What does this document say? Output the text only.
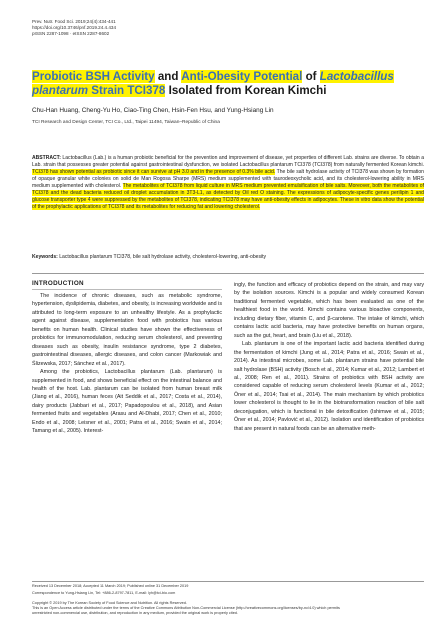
Prev. Nutr. Food Sci. 2019;24(4):434-441
https://doi.org/10.3746/pnf.2019.24.4.434
pISSN 2287-1098 · eISSN 2287-8602
Probiotic BSH Activity and Anti-Obesity Potential of Lactobacillus plantarum Strain TCI378 Isolated from Korean Kimchi
Chu-Han Huang, Cheng-Yu Ho, Ciao-Ting Chen, Hsin-Fen Hsu, and Yung-Hsiang Lin
TCI Research and Design Center, TCI Co., Ltd., Taipei 11494, Taiwan–Republic of China
ABSTRACT: Lactobacillus (Lab.) is a human probiotic beneficial for the prevention and improvement of disease, yet properties of different Lab. strains are diverse. To obtain a Lab. strain that possesses greater potential against gastrointestinal dysfunction, we isolated Lactobacillus plantarum TCI378 (TCI378) from naturally fermented Korean kimchi. TCI378 has shown potential as probiotic since it can survive at pH 3.0 and in the presence of 0.3% bile acid. The bile salt hydrolase activity of TCI378 was shown by formation of opaque granular white colonies on solid de Man Rogosa Sharpe (MRS) medium supplemented with taurodeoxycholic acid, and its cholesterol-lowering ability in MRS medium supplemented with cholesterol. The metabolites of TCI378 from liquid culture in MRS medium prevented emulsification of bile salts. Moreover, both the metabolites of TCI378 and the dead bacteria reduced oil droplet accumulation in 3T3-L1, as detected by Oil red O staining. The expressions of adipocyte-specific genes perilipin 1 and glucose transporter type 4 were suppressed by the metabolites of TCI378, indicating TCI378 may have anti-obesity effects in adipocytes. These in vitro data show the potential of the prophylactic applications of TCI378 and its metabolites for reducing fat and lowering cholesterol.
Keywords: Lactobacillus plantarum TCI378, bile salt hydrolase activity, cholesterol-lowering, anti-obesity
INTRODUCTION

The incidence of chronic diseases, such as metabolic syndrome, hypertension, dyslipidemia, diabetes, and obesity, is increasing worldwide and is attributed to long-term exposure to an unhealthy lifestyle. As a prophylactic agent against disease, supplementation food with probiotics has various benefits on human health. Clinical studies have shown the effectiveness of probiotics for immunomodulation, reducing serum cholesterol, and preventing diseases such as obesity, insulin resistance syndrome, type 2 diabetes, gastrointestinal diseases, allergic diseases, and colon cancer (Markowiak and Ślizewska, 2017; Sánchez et al., 2017).

Among the probiotics, Lactobacillus plantarum (Lab. plantarum) is supplemented in food, and shows beneficial effect on the intestinal balance and health of the host. Lab. plantarum can be isolated from human breast milk (Jiang et al., 2016), human feces (Ait Seddik et al., 2017; Costa et al., 2014), dairy products (Jabbari et al., 2017; Papadopoulou et al., 2018), and Asian fermented fruits and vegetables (Arasu and Al-Dhabi, 2017; Chen et al., 2010; Endo et al., 2008; Leisner et al., 2001; Patra et al., 2016; Swain et al., 2014; Tamang et al., 2005). Interest-

ingly, the function and efficacy of probiotics depend on the strain, and may vary by the isolation sources. Kimchi is a popular and widely consumed Korean traditional fermented vegetable, which has been evaluated as one of the healthiest food in the world. Kimchi contains various bioactive components, including dietary fiber, vitamin C, and β-carotene. The intake of kimchi, which contains lactic acid bacteria, may have protective benefits on human organs, such as the gut, heart, and brain (Liu et al., 2018).

Lab. plantarum is one of the important lactic acid bacteria identified during the fermentation of kimchi (Jung et al., 2014; Patra et al., 2016; Swain et al., 2014). As intestinal microbes, some Lab. plantarum strains have potential bile salt hydrolase (BSH) activity (Bosch et al., 2014; Kumar et al., 2012; Lambert et al., 2008; Ren et al., 2011). Strains of probiotics with BSH activity are considered capable of reducing serum cholesterol levels (Kumar et al., 2012; Öner et al., 2014; Tsai et al., 2014). The main mechanism by which probiotics lower cholesterol is thought to lie in the biotransformation reaction of bile salt deconjugation, which is functional in bile detoxification (Ishimwe et al., 2015; Öner et al., 2014; Pavlović et al., 2012). Isolation and identification of probiotics that are present in natural foods can be an alternative meth-

Received 13 December 2018; Accepted 11 March 2019; Published online 31 December 2019
Correspondence to Yung-Hsiang Lin, Tel: +886-2-8797-7811, E-mail: lyh@tci-bio.com
Copyright © 2019 by The Korean Society of Food Science and Nutrition. All rights Reserved.
This is an Open Access article distributed under the terms of the Creative Commons Attribution Non-Commercial License (http://creativecommons.org/licenses/by-nc/4.0) which permits
unrestricted non-commercial use, distribution, and reproduction in any medium, provided the original work is properly cited.
